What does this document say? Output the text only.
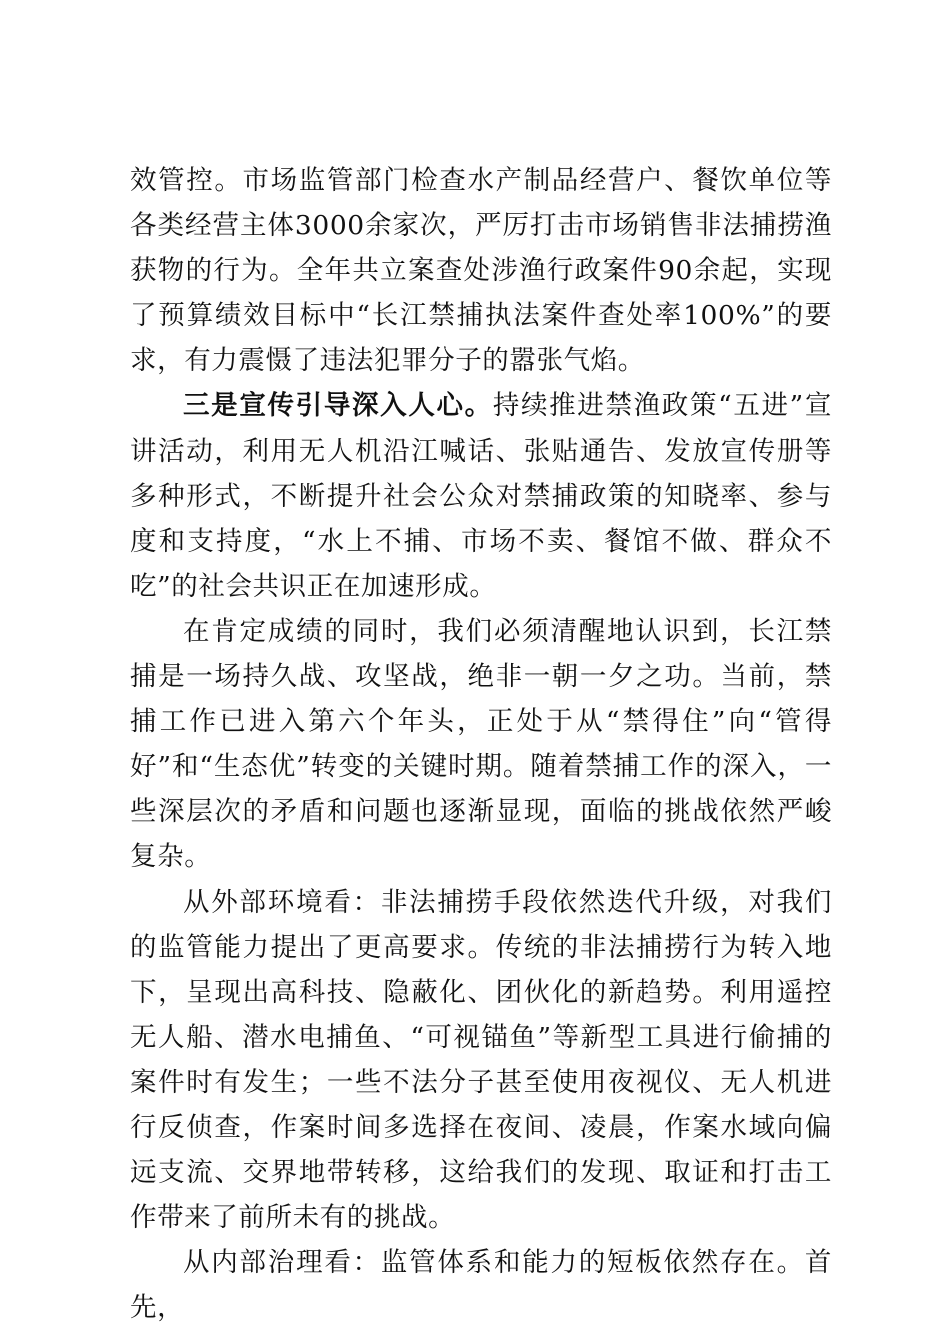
效管控。市场监管部门检查水产制品经营户、餐饮单位等各类经营主体3000余家次，严厉打击市场销售非法捕捞渔获物的行为。全年共立案查处涉渔行政案件90余起，实现了预算绩效目标中“长江禁捕执法案件查处率100%”的要求，有力震慑了违法犯罪分子的嚣张气焰。

三是宣传引导深入人心。持续推进禁渔政策“五进”宣讲活动，利用无人机沿江喊话、张贴通告、发放宣传册等多种形式，不断提升社会公众对禁捕政策的知晓率、参与度和支持度，“水上不捕、市场不卖、餐馆不做、群众不吃”的社会共识正在加速形成。

在肯定成绩的同时，我们必须清醒地认识到，长江禁捕是一场持久战、攻坚战，绝非一朝一夕之功。当前，禁捕工作已进入第六个年头，正处于从“禁得住”向“管得好”和“生态优”转变的关键时期。随着禁捕工作的深入，一些深层次的矛盾和问题也逐渐显现，面临的挑战依然严峻复杂。

从外部环境看：非法捕捞手段依然迭代升级，对我们的监管能力提出了更高要求。传统的非法捕捞行为转入地下，呈现出高科技、隐蔽化、团伙化的新趋势。利用遥控无人船、潜水电捕鱼、“可视锚鱼”等新型工具进行偷捕的案件时有发生；一些不法分子甚至使用夜视仪、无人机进行反侦查，作案时间多选择在夜间、凌晨，作案水域向偏远支流、交界地带转移，这给我们的发现、取证和打击工作带来了前所未有的挑战。

从内部治理看：监管体系和能力的短板依然存在。首先，
